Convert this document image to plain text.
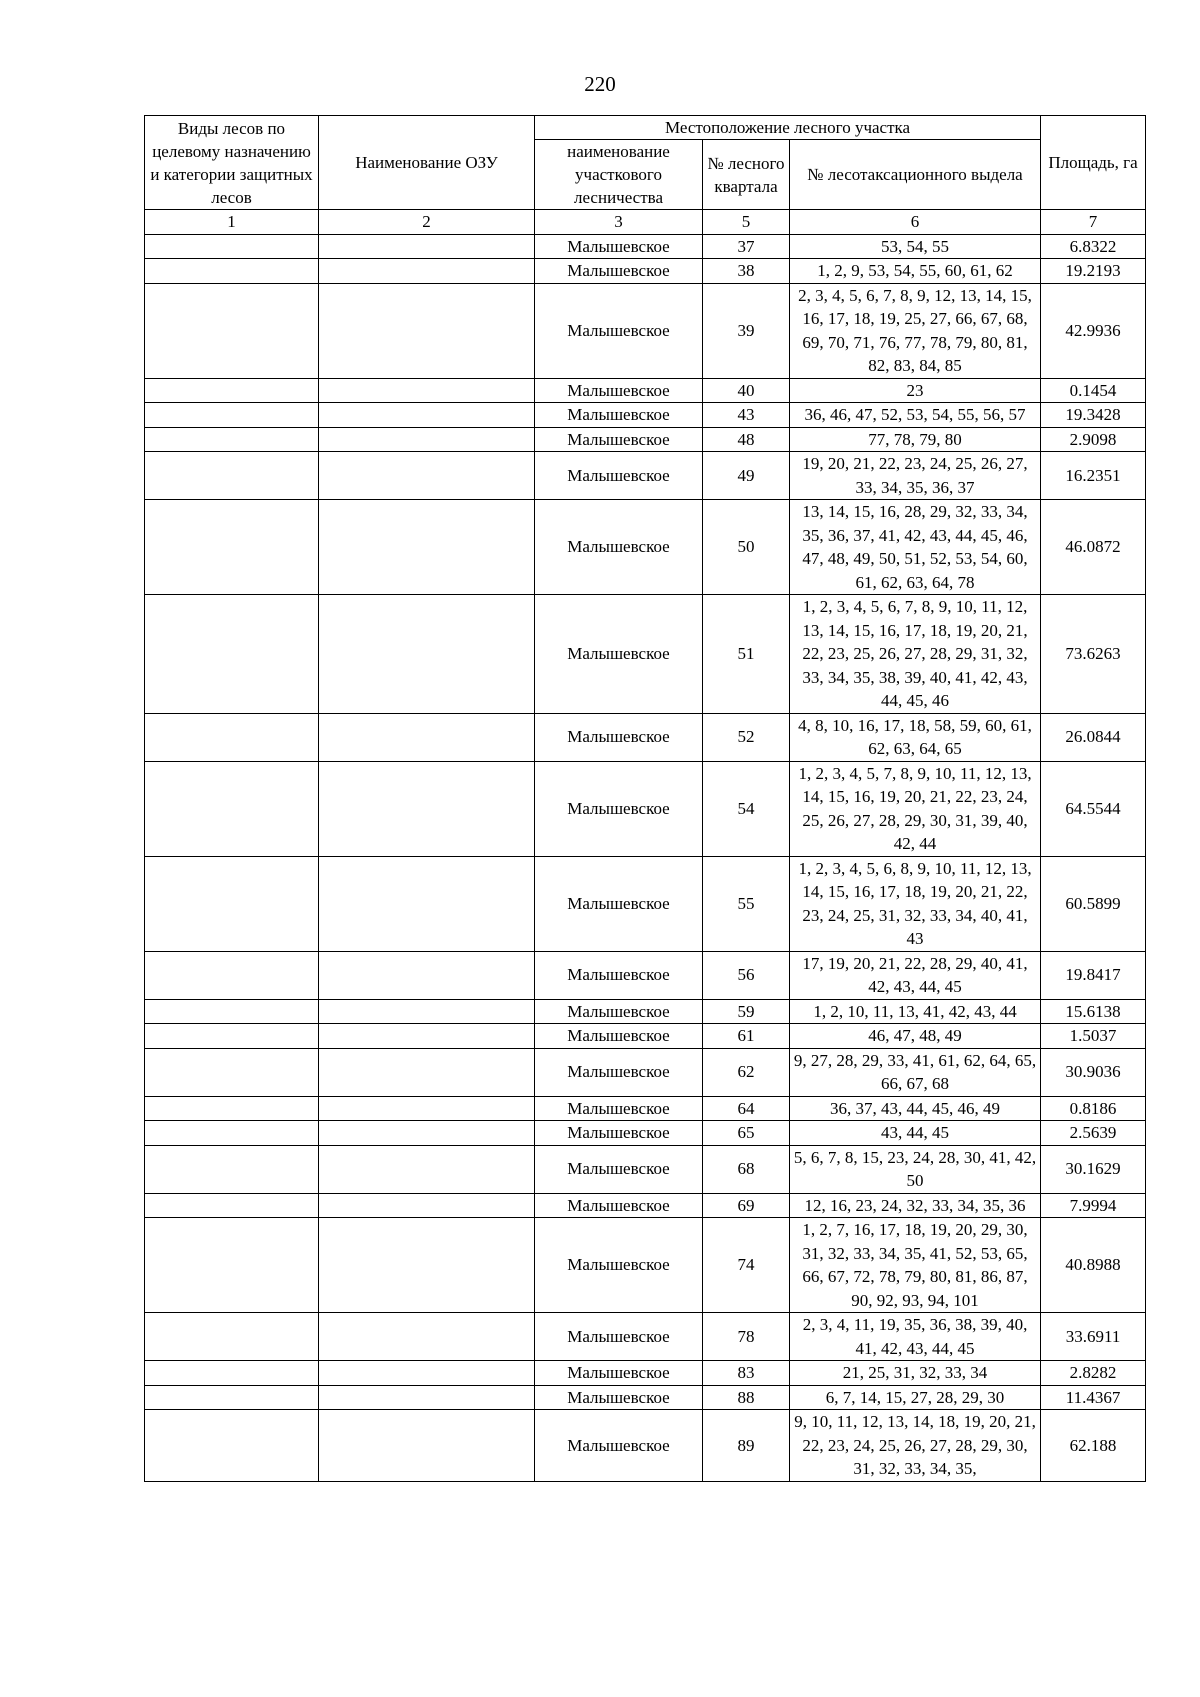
220
Виды лесов по целевому назначению и категории защитных лесов	Наименование ОЗУ	Местоположение лесного участка			Площадь, га
		наименование участкового лесничества	№ лесного квартала	№ лесотаксационного выдела	
1	2	3	5	6	7
		Малышевское	37	53, 54, 55	6.8322
		Малышевское	38	1, 2, 9, 53, 54, 55, 60, 61, 62	19.2193
		Малышевское	39	2, 3, 4, 5, 6, 7, 8, 9, 12, 13, 14, 15, 16, 17, 18, 19, 25, 27, 66, 67, 68, 69, 70, 71, 76, 77, 78, 79, 80, 81, 82, 83, 84, 85	42.9936
		Малышевское	40	23	0.1454
		Малышевское	43	36, 46, 47, 52, 53, 54, 55, 56, 57	19.3428
		Малышевское	48	77, 78, 79, 80	2.9098
		Малышевское	49	19, 20, 21, 22, 23, 24, 25, 26, 27, 33, 34, 35, 36, 37	16.2351
		Малышевское	50	13, 14, 15, 16, 28, 29, 32, 33, 34, 35, 36, 37, 41, 42, 43, 44, 45, 46, 47, 48, 49, 50, 51, 52, 53, 54, 60, 61, 62, 63, 64, 78	46.0872
		Малышевское	51	1, 2, 3, 4, 5, 6, 7, 8, 9, 10, 11, 12, 13, 14, 15, 16, 17, 18, 19, 20, 21, 22, 23, 25, 26, 27, 28, 29, 31, 32, 33, 34, 35, 38, 39, 40, 41, 42, 43, 44, 45, 46	73.6263
		Малышевское	52	4, 8, 10, 16, 17, 18, 58, 59, 60, 61, 62, 63, 64, 65	26.0844
		Малышевское	54	1, 2, 3, 4, 5, 7, 8, 9, 10, 11, 12, 13, 14, 15, 16, 19, 20, 21, 22, 23, 24, 25, 26, 27, 28, 29, 30, 31, 39, 40, 42, 44	64.5544
		Малышевское	55	1, 2, 3, 4, 5, 6, 8, 9, 10, 11, 12, 13, 14, 15, 16, 17, 18, 19, 20, 21, 22, 23, 24, 25, 31, 32, 33, 34, 40, 41, 43	60.5899
		Малышевское	56	17, 19, 20, 21, 22, 28, 29, 40, 41, 42, 43, 44, 45	19.8417
		Малышевское	59	1, 2, 10, 11, 13, 41, 42, 43, 44	15.6138
		Малышевское	61	46, 47, 48, 49	1.5037
		Малышевское	62	9, 27, 28, 29, 33, 41, 61, 62, 64, 65, 66, 67, 68	30.9036
		Малышевское	64	36, 37, 43, 44, 45, 46, 49	0.8186
		Малышевское	65	43, 44, 45	2.5639
		Малышевское	68	5, 6, 7, 8, 15, 23, 24, 28, 30, 41, 42, 50	30.1629
		Малышевское	69	12, 16, 23, 24, 32, 33, 34, 35, 36	7.9994
		Малышевское	74	1, 2, 7, 16, 17, 18, 19, 20, 29, 30, 31, 32, 33, 34, 35, 41, 52, 53, 65, 66, 67, 72, 78, 79, 80, 81, 86, 87, 90, 92, 93, 94, 101	40.8988
		Малышевское	78	2, 3, 4, 11, 19, 35, 36, 38, 39, 40, 41, 42, 43, 44, 45	33.6911
		Малышевское	83	21, 25, 31, 32, 33, 34	2.8282
		Малышевское	88	6, 7, 14, 15, 27, 28, 29, 30	11.4367
		Малышевское	89	9, 10, 11, 12, 13, 14, 18, 19, 20, 21, 22, 23, 24, 25, 26, 27, 28, 29, 30, 31, 32, 33, 34, 35,	62.188
